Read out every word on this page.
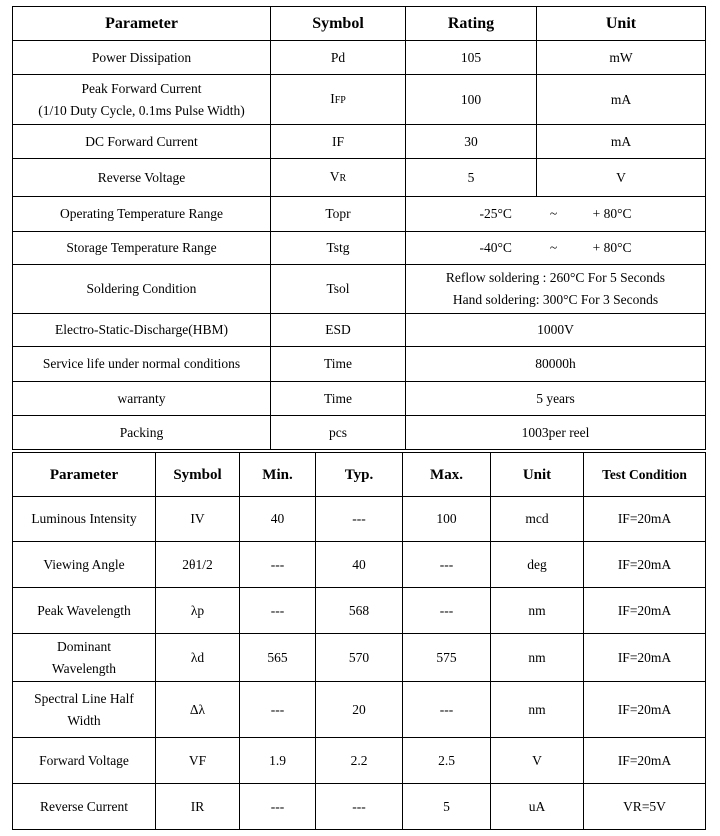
Parameter	Symbol	Rating	Unit
Power Dissipation	Pd	105	mW

Peak Forward Current
(1/10 Duty Cycle, 0.1ms Pulse Width)	IFP	100	mA
DC Forward Current	IF	30	mA
Reverse Voltage	VR	5	V
Operating Temperature Range	Topr	-25°C ~ + 80°C	
Storage Temperature Range	Tstg	-40°C ~ + 80°C	
Soldering Condition	Tsol	Reflow soldering : 260°C For 5 Seconds
Hand soldering: 300°C For 3 Seconds	

Electro-Static-Discharge(HBM)	ESD	1000V	
Service life under normal conditions	Time	80000h	
warranty	Time	5 years	
Packing	pcs	1003per reel	
Parameter	Symbol	Min.	Typ.	Max.	Unit	Test Condition
Luminous Intensity	IV	40	---	100	mcd	IF=20mA
Viewing Angle	2θ1/2	---	40	---	deg	IF=20mA
Peak Wavelength	λp	---	568	---	nm	IF=20mA

Dominant
Wavelength	λd	565	570	575	nm	IF=20mA

Spectral Line Half
Width	Δλ	---	20	---	nm	IF=20mA
Forward Voltage	VF	1.9	2.2	2.5	V	IF=20mA
Reverse Current	IR	---	---	5	uA	VR=5V
